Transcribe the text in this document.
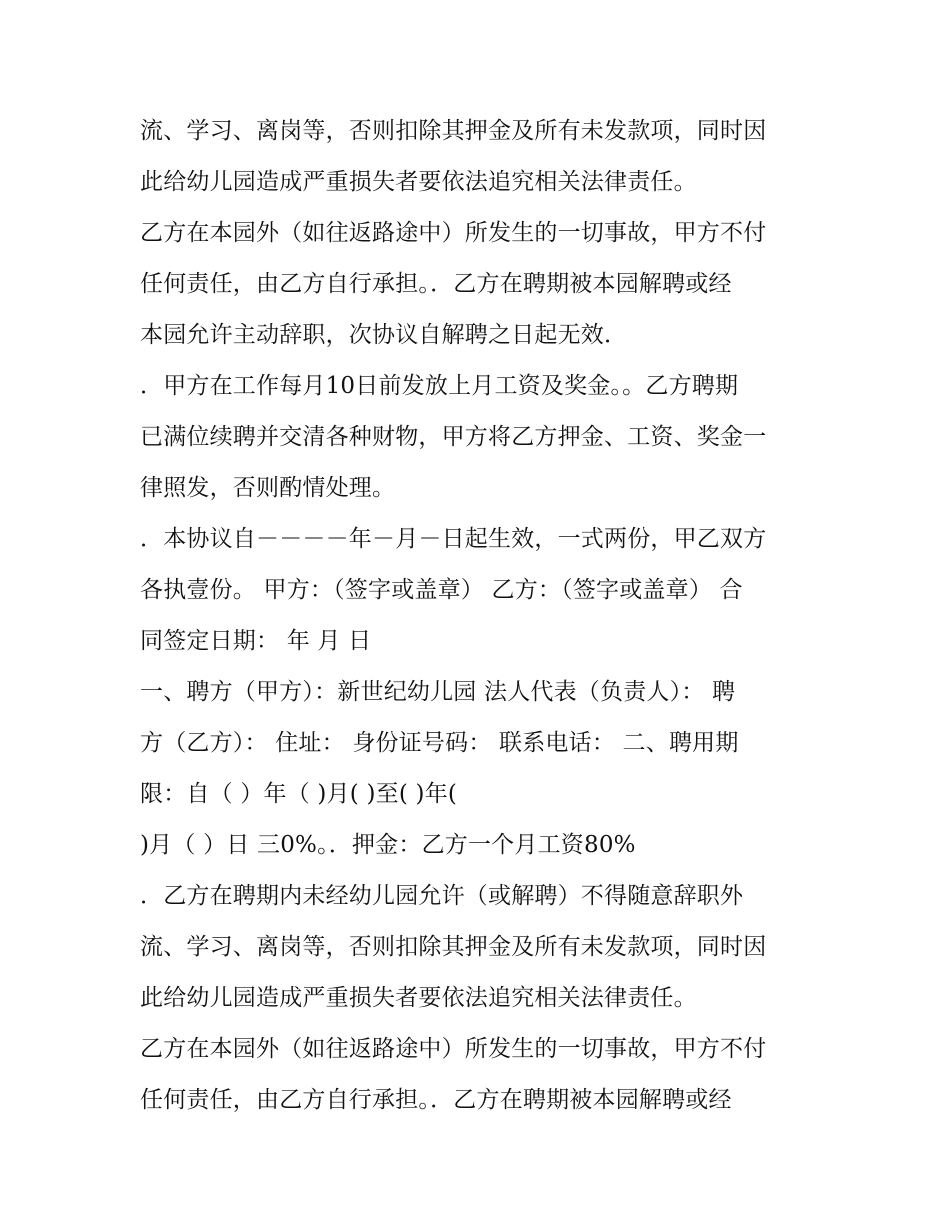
流、学习、离岗等，否则扣除其押金及所有未发款项，同时因
此给幼儿园造成严重损失者要依法追究相关法律责任。
乙方在本园外（如往返路途中）所发生的一切事故，甲方不付
任何责任，由乙方自行承担。．乙方在聘期被本园解聘或经
本园允许主动辞职，次协议自解聘之日起无效．
．甲方在工作每月10日前发放上月工资及奖金。。乙方聘期
已满位续聘并交清各种财物，甲方将乙方押金、工资、奖金一
律照发，否则酌情处理。
．本协议自－－－－年－月－日起生效，一式两份，甲乙双方
各执壹份。 甲方：（签字或盖章） 乙方：（签字或盖章） 合
同签定日期： 年 月 日
一、聘方（甲方）：新世纪幼儿园 法人代表（负责人）： 聘
方（乙方）： 住址： 身份证号码： 联系电话： 二、聘用期
限：自（ ）年（ )月( )至( )年(
)月（ ）日 三0%。．押金：乙方一个月工资80%
．乙方在聘期内未经幼儿园允许（或解聘）不得随意辞职外
流、学习、离岗等，否则扣除其押金及所有未发款项，同时因
此给幼儿园造成严重损失者要依法追究相关法律责任。
乙方在本园外（如往返路途中）所发生的一切事故，甲方不付
任何责任，由乙方自行承担。．乙方在聘期被本园解聘或经
